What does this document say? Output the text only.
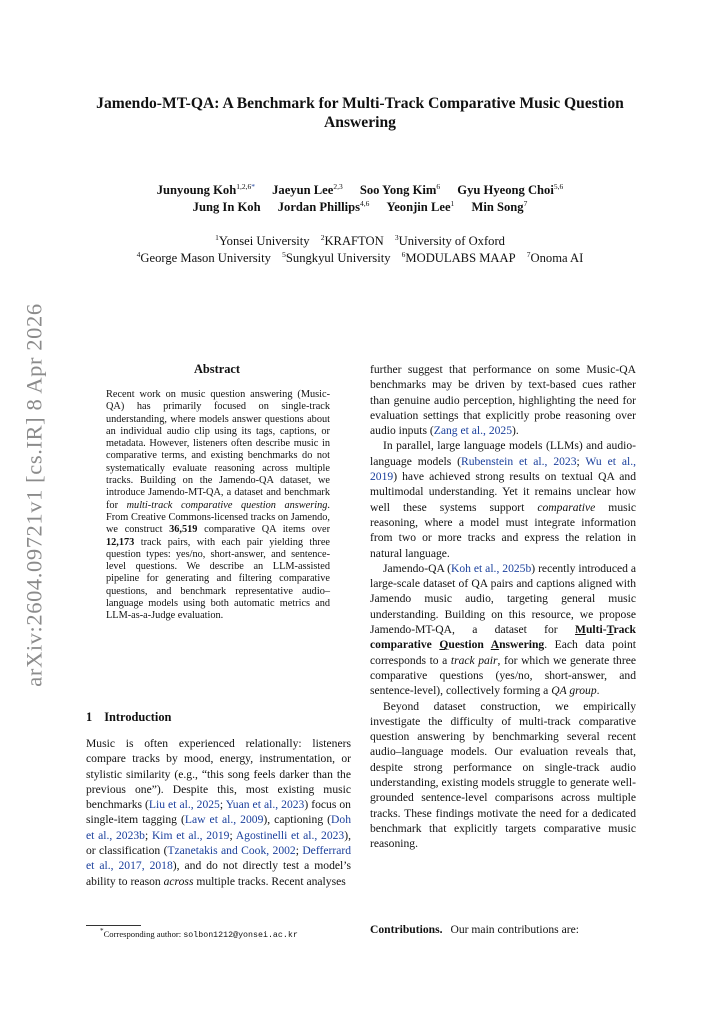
arXiv:2604.09721v1 [cs.IR] 8 Apr 2026
Jamendo-MT-QA: A Benchmark for Multi-Track Comparative Music Question Answering
Junyoung Koh$^{1,2,6*}$ Jaeyun Lee$^{2,3}$ Soo Yong Kim$^6$ Gyu Hyeong Choi$^{5,6}$
Jung In Koh Jordan Phillips$^{4,6}$ Yeonjin Lee$^1$ Min Song$^7$
$^1$Yonsei University $^2$KRAFTON $^3$University of Oxford
$^4$George Mason University $^5$Sungkyul University $^6$MODULABS MAAP $^7$Onoma AI
Abstract
Recent work on music question answering (Music-QA) has primarily focused on single-track understanding, where models answer questions about an individual audio clip using its tags, captions, or metadata. However, listeners often describe music in comparative terms, and existing benchmarks do not systematically evaluate reasoning across multiple tracks. Building on the Jamendo-QA dataset, we introduce Jamendo-MT-QA, a dataset and benchmark for multi-track comparative question answering. From Creative Commons-licensed tracks on Jamendo, we construct 36,519 comparative QA items over 12,173 track pairs, with each pair yielding three question types: yes/no, short-answer, and sentence-level questions. We describe an LLM-assisted pipeline for generating and filtering comparative questions, and benchmark representative audio–language models using both automatic metrics and LLM-as-a-Judge evaluation.
1 Introduction
Music is often experienced relationally: listeners compare tracks by mood, energy, instrumentation, or stylistic similarity (e.g., “this song feels darker than the previous one”). Despite this, most existing music benchmarks (Liu et al., 2025; Yuan et al., 2023) focus on single-item tagging (Law et al., 2009), captioning (Doh et al., 2023b; Kim et al., 2019; Agostinelli et al., 2023), or classification (Tzanetakis and Cook, 2002; Defferrard et al., 2017, 2018), and do not directly test a model’s ability to reason across multiple tracks. Recent analyses
*Corresponding author: solbon1212@yonsei.ac.kr

further suggest that performance on some Music-QA benchmarks may be driven by text-based cues rather than genuine audio perception, highlighting the need for evaluation settings that explicitly probe reasoning over audio inputs (Zang et al., 2025).

In parallel, large language models (LLMs) and audio-language models (Rubenstein et al., 2023; Wu et al., 2019) have achieved strong results on textual QA and multimodal understanding. Yet it remains unclear how well these systems support comparative music reasoning, where a model must integrate information from two or more tracks and express the relation in natural language.

Jamendo-QA (Koh et al., 2025b) recently introduced a large-scale dataset of QA pairs and captions aligned with Jamendo music audio, targeting general music understanding. Building on this resource, we propose Jamendo-MT-QA, a dataset for Multi-Track comparative Question Answering. Each data point corresponds to a track pair, for which we generate three comparative questions (yes/no, short-answer, and sentence-level), collectively forming a QA group.

Beyond dataset construction, we empirically investigate the difficulty of multi-track comparative question answering by benchmarking several recent audio–language models. Our evaluation reveals that, despite strong performance on single-track audio understanding, existing models struggle to generate well-grounded sentence-level comparisons across multiple tracks. These findings motivate the need for a dedicated benchmark that explicitly targets comparative music reasoning.

Contributions. Our main contributions are:
